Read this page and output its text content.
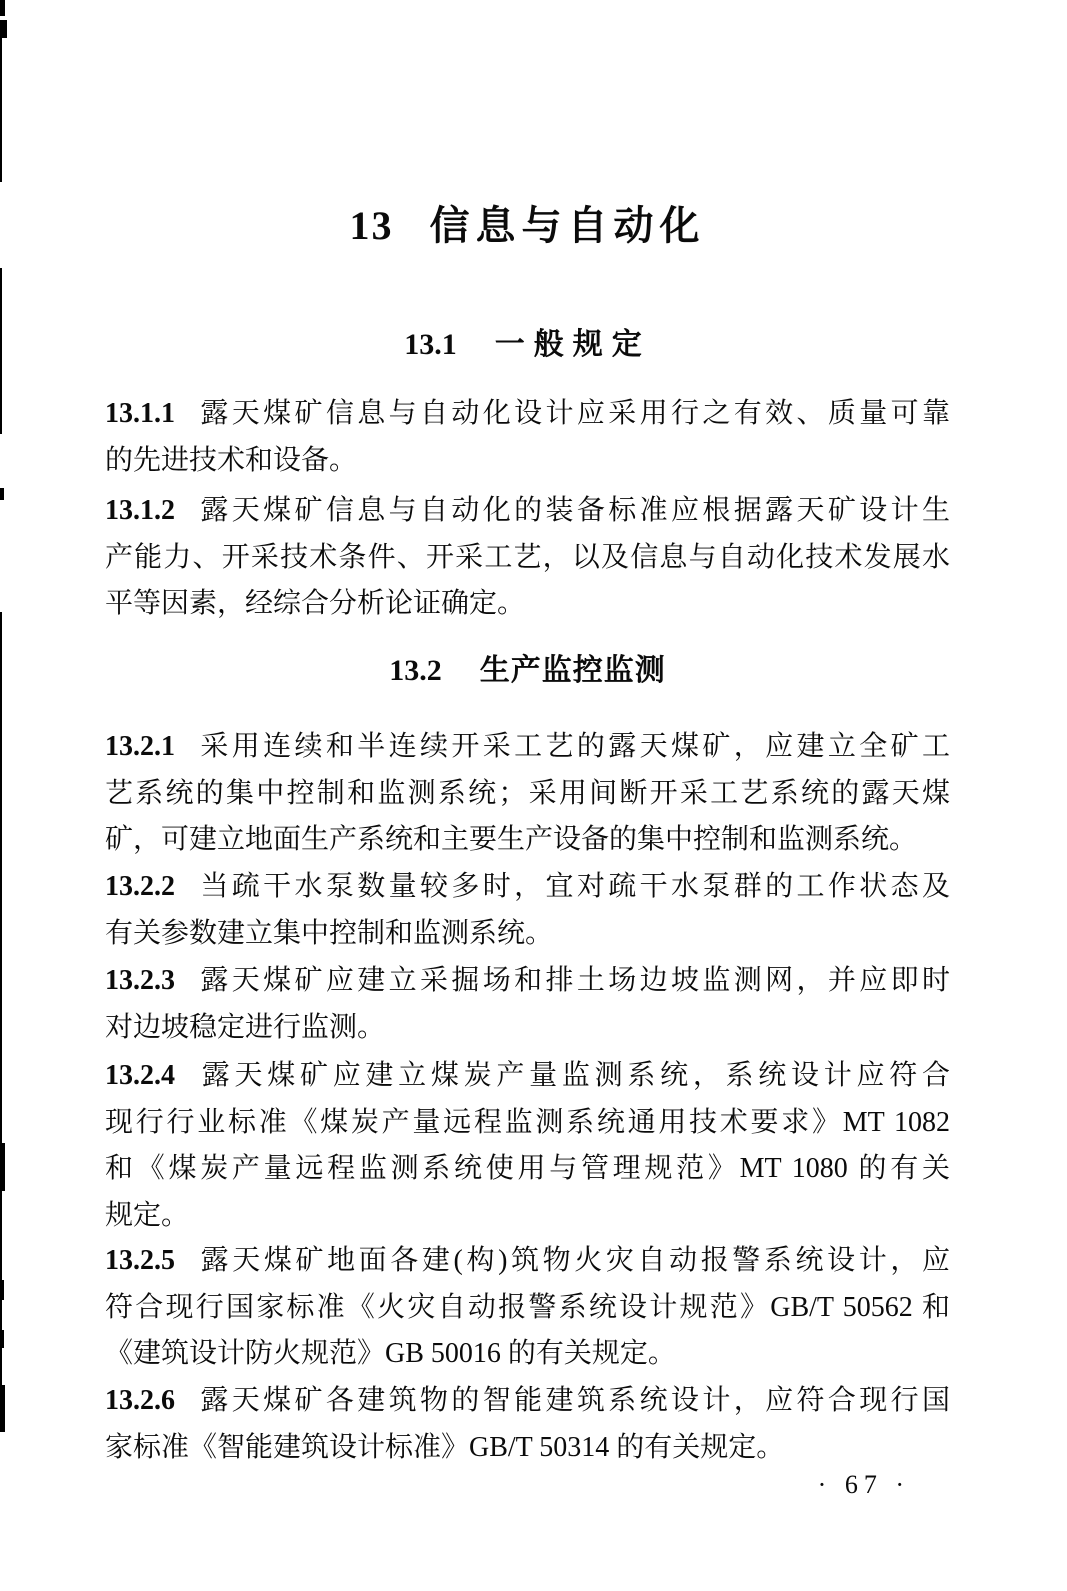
13 信息与自动化
13.1 一般规定

13.1.1 露天煤矿信息与自动化设计应采用行之有效、质量可靠

的先进技术和设备。

13.1.2 露天煤矿信息与自动化的装备标准应根据露天矿设计生

产能力、开采技术条件、开采工艺，以及信息与自动化技术发展水

平等因素，经综合分析论证确定。

13.2 生产监控监测

13.2.1 采用连续和半连续开采工艺的露天煤矿，应建立全矿工

艺系统的集中控制和监测系统；采用间断开采工艺系统的露天煤

矿，可建立地面生产系统和主要生产设备的集中控制和监测系统。

13.2.2 当疏干水泵数量较多时，宜对疏干水泵群的工作状态及

有关参数建立集中控制和监测系统。

13.2.3 露天煤矿应建立采掘场和排土场边坡监测网，并应即时

对边坡稳定进行监测。

13.2.4 露天煤矿应建立煤炭产量监测系统，系统设计应符合

现行行业标准《煤炭产量远程监测系统通用技术要求》MT 1082

和《煤炭产量远程监测系统使用与管理规范》MT 1080 的有关

规定。

13.2.5 露天煤矿地面各建(构)筑物火灾自动报警系统设计，应

符合现行国家标准《火灾自动报警系统设计规范》GB/T 50562 和

《建筑设计防火规范》GB 50016 的有关规定。

13.2.6 露天煤矿各建筑物的智能建筑系统设计，应符合现行国

家标准《智能建筑设计标准》GB/T 50314 的有关规定。

· 67 ·
